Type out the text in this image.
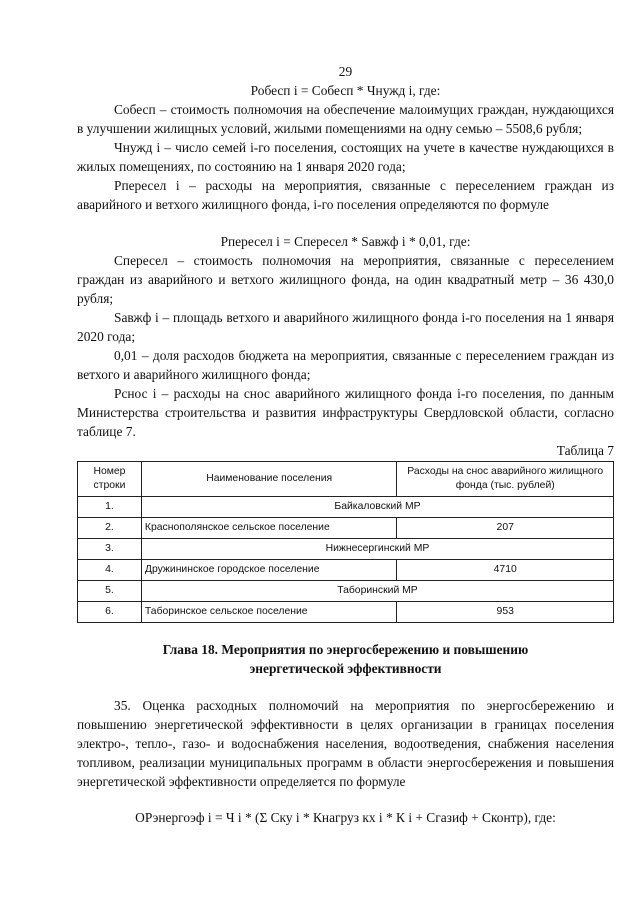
29

Робесп i = Собесп * Чнужд i, где:

Собесп – стоимость полномочия на обеспечение малоимущих граждан, нуждающихся в улучшении жилищных условий, жилыми помещениями на одну семью – 5508,6 рубля;

Чнужд i – число семей i-го поселения, состоящих на учете в качестве нуждающихся в жилых помещениях, по состоянию на 1 января 2020 года;

Рпересел i – расходы на мероприятия, связанные с переселением граждан из аварийного и ветхого жилищного фонда, i-го поселения определяются по формуле

Рпересел i = Спересел * Sавжф i * 0,01, где:

Спересел – стоимость полномочия на мероприятия, связанные с переселением граждан из аварийного и ветхого жилищного фонда, на один квадратный метр – 36 430,0 рубля;

Sавжф i – площадь ветхого и аварийного жилищного фонда i-го поселения на 1 января 2020 года;

0,01 – доля расходов бюджета на мероприятия, связанные с переселением граждан из ветхого и аварийного жилищного фонда;

Рснос i – расходы на снос аварийного жилищного фонда i-го поселения, по данным Министерства строительства и развития инфраструктуры Свердловской области, согласно таблице 7.

Таблица 7

Номер строки	Наименование поселения	Расходы на снос аварийного жилищного фонда (тыс. рублей)
1.	Байкаловский МР	
2.	Краснополянское сельское поселение	207
3.	Нижнесергинский МР	
4.	Дружининское городское поселение	4710
5.	Таборинский МР	
6.	Таборинское сельское поселение	953

Глава 18. Мероприятия по энергосбережению и повышению энергетической эффективности

35. Оценка расходных полномочий на мероприятия по энергосбережению и повышению энергетической эффективности в целях организации в границах поселения электро-, тепло-, газо- и водоснабжения населения, водоотведения, снабжения населения топливом, реализации муниципальных программ в области энергосбережения и повышения энергетической эффективности определяется по формуле

ОРэнергоэф i = Ч i * (Σ Ску i * Кнагруз кх i * К i + Сгазиф + Сконтр), где:
